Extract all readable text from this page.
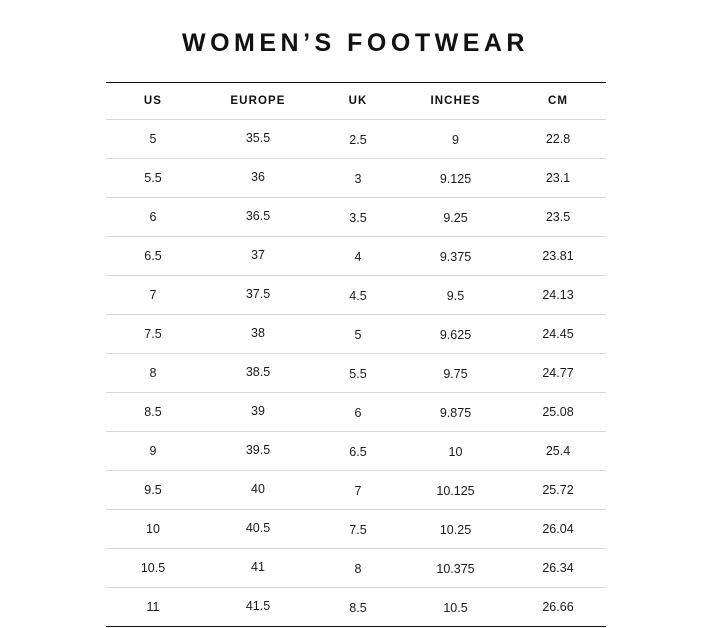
WOMEN’S FOOTWEAR
US	EUROPE	UK	INCHES	CM
5	35.5	2.5	9	22.8
5.5	36	3	9.125	23.1
6	36.5	3.5	9.25	23.5
6.5	37	4	9.375	23.81
7	37.5	4.5	9.5	24.13
7.5	38	5	9.625	24.45
8	38.5	5.5	9.75	24.77
8.5	39	6	9.875	25.08
9	39.5	6.5	10	25.4
9.5	40	7	10.125	25.72
10	40.5	7.5	10.25	26.04
10.5	41	8	10.375	26.34
11	41.5	8.5	10.5	26.66
